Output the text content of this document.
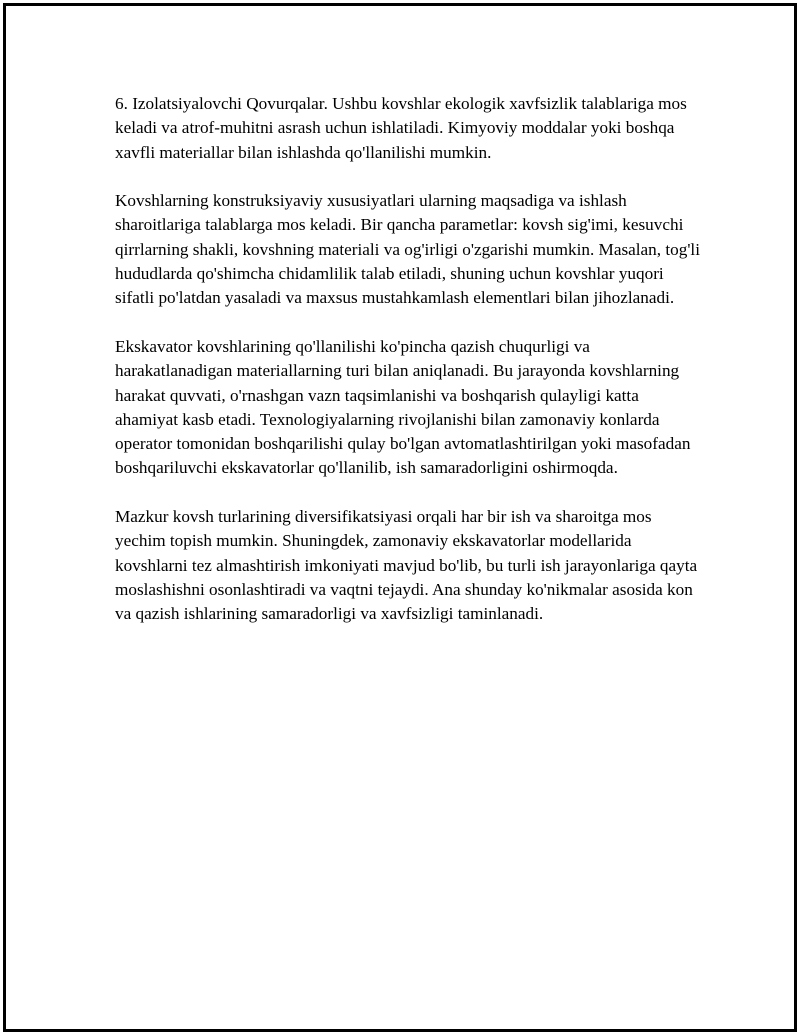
6. Izolatsiyalovchi Qovurqalar. Ushbu kovshlar ekologik xavfsizlik talablariga mos keladi va atrof-muhitni asrash uchun ishlatiladi. Kimyoviy moddalar yoki boshqa xavfli materiallar bilan ishlashda qo'llanilishi mumkin.

Kovshlarning konstruksiyaviy xususiyatlari ularning maqsadiga va ishlash sharoitlariga talablarga mos keladi. Bir qancha parametlar: kovsh sig'imi, kesuvchi qirrlarning shakli, kovshning materiali va og'irligi o'zgarishi mumkin. Masalan, tog'li hududlarda qo'shimcha chidamlilik talab etiladi, shuning uchun kovshlar yuqori sifatli po'latdan yasaladi va maxsus mustahkamlash elementlari bilan jihozlanadi.

Ekskavator kovshlarining qo'llanilishi ko'pincha qazish chuqurligi va harakatlanadigan materiallarning turi bilan aniqlanadi. Bu jarayonda kovshlarning harakat quvvati, o'rnashgan vazn taqsimlanishi va boshqarish qulayligi katta ahamiyat kasb etadi. Texnologiyalarning rivojlanishi bilan zamonaviy konlarda operator tomonidan boshqarilishi qulay bo'lgan avtomatlashtirilgan yoki masofadan boshqariluvchi ekskavatorlar qo'llanilib, ish samaradorligini oshirmoqda.

Mazkur kovsh turlarining diversifikatsiyasi orqali har bir ish va sharoitga mos yechim topish mumkin. Shuningdek, zamonaviy ekskavatorlar modellarida kovshlarni tez almashtirish imkoniyati mavjud bo'lib, bu turli ish jarayonlariga qayta moslashishni osonlashtiradi va vaqtni tejaydi. Ana shunday ko'nikmalar asosida kon va qazish ishlarining samaradorligi va xavfsizligi taminlanadi.
